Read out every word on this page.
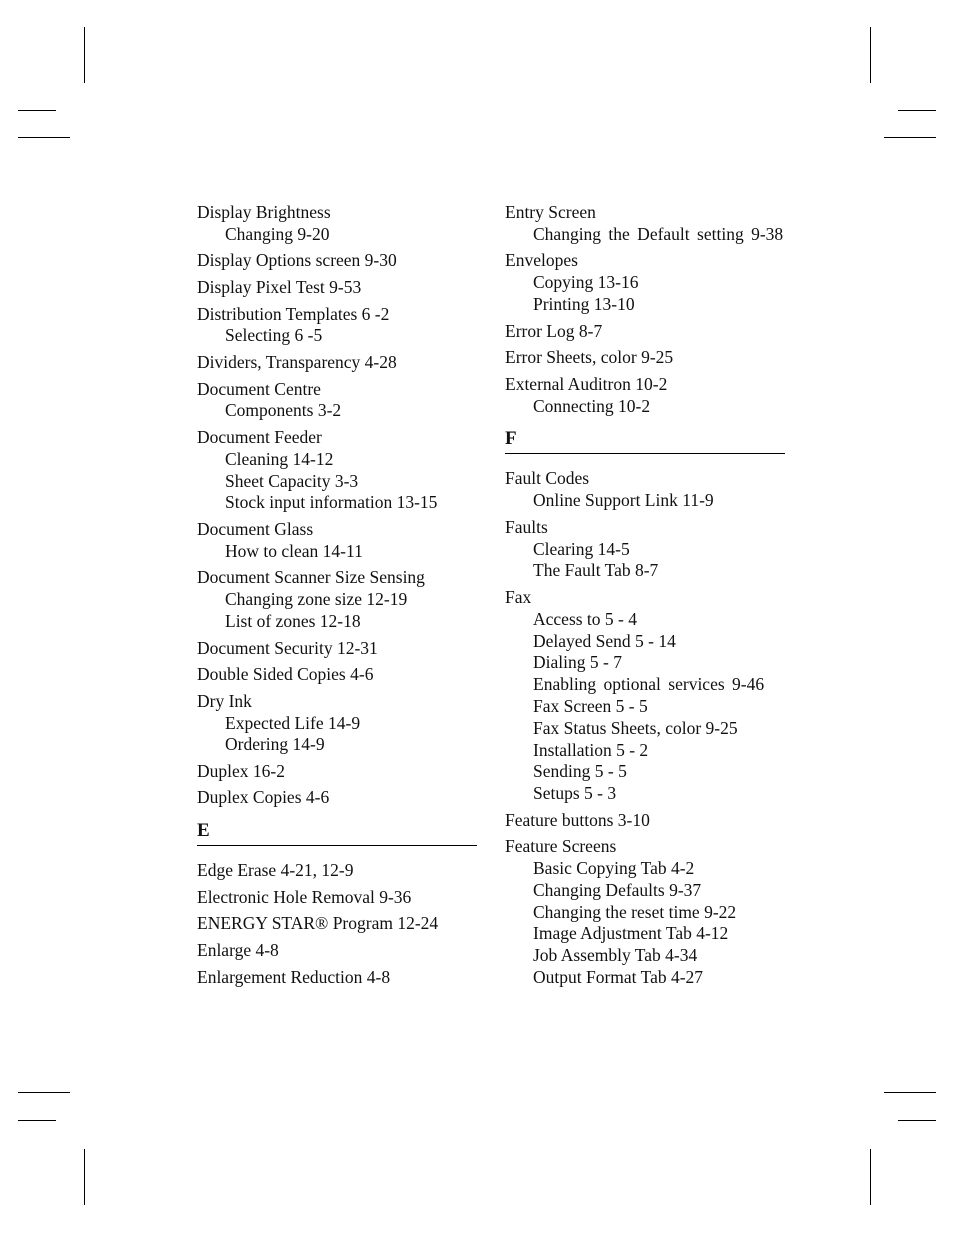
Display Brightness
Changing 9-20
Display Options screen 9-30
Display Pixel Test 9-53
Distribution Templates 6 -2
Selecting 6 -5
Dividers, Transparency 4-28
Document Centre
Components 3-2
Document Feeder
Cleaning 14-12
Sheet Capacity 3-3
Stock input information 13-15
Document Glass
How to clean 14-11
Document Scanner Size Sensing
Changing zone size 12-19
List of zones 12-18
Document Security 12-31
Double Sided Copies 4-6
Dry Ink
Expected Life 14-9
Ordering 14-9
Duplex 16-2
Duplex Copies 4-6
E
Edge Erase 4-21, 12-9
Electronic Hole Removal 9-36
ENERGY STAR® Program 12-24
Enlarge 4-8
Enlargement Reduction 4-8
Entry Screen
Changing the Default setting 9-38
Envelopes
Copying 13-16
Printing 13-10
Error Log 8-7
Error Sheets, color 9-25
External Auditron 10-2
Connecting 10-2
F
Fault Codes
Online Support Link 11-9
Faults
Clearing 14-5
The Fault Tab 8-7
Fax
Access to 5 - 4
Delayed Send 5 - 14
Dialing 5 - 7
Enabling optional services 9-46
Fax Screen 5 - 5
Fax Status Sheets, color 9-25
Installation 5 - 2
Sending 5 - 5
Setups 5 - 3
Feature buttons 3-10
Feature Screens
Basic Copying Tab 4-2
Changing Defaults 9-37
Changing the reset time 9-22
Image Adjustment Tab 4-12
Job Assembly Tab 4-34
Output Format Tab 4-27
